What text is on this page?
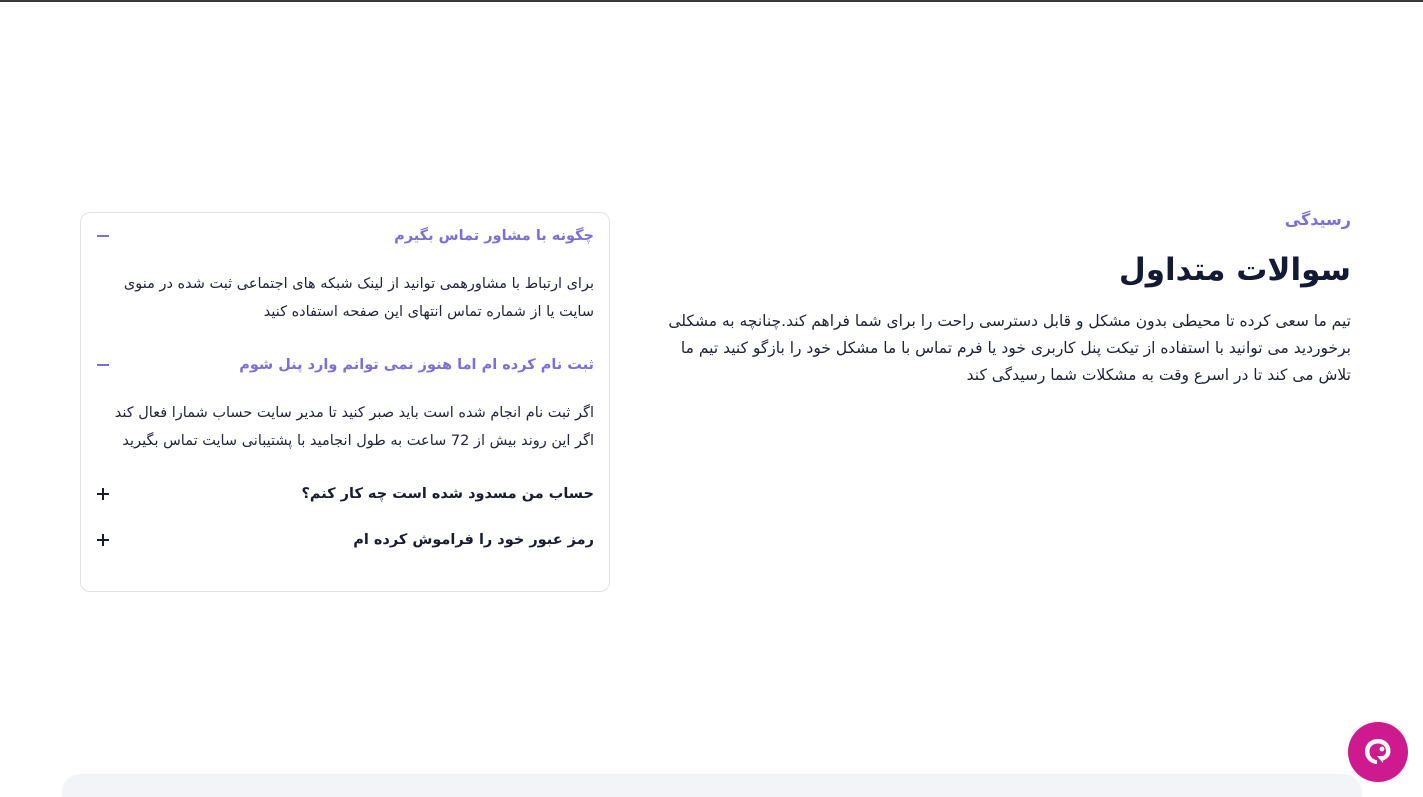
رسیدگی
سوالات متداول

تیم ما سعی کرده تا محیطی بدون مشکل و قابل دسترسی راحت را برای شما فراهم کند.چنانچه به مشکلی برخوردید می توانید با استفاده از تیکت پنل کاربری خود یا فرم تماس با ما مشکل خود را بازگو کنید تیم ما تلاش می کند تا در اسرع وقت به مشکلات شما رسیدگی کند

چگونه با مشاور تماس بگیرم
برای ارتباط با مشاورهمی توانید از لینک شبکه های اجتماعی ثبت شده در منوی سایت یا از شماره تماس انتهای این صفحه استفاده کنید
ثبت نام کرده ام اما هنوز نمی توانم وارد پنل شوم
اگر ثبت نام انجام شده است باید صبر کنید تا مدیر سایت حساب شمارا فعال کند اگر این روند بیش از 72 ساعت به طول انجامید با پشتیبانی سایت تماس بگیرید
حساب من مسدود شده است چه کار کنم؟
رمز عبور خود را فراموش کرده ام
